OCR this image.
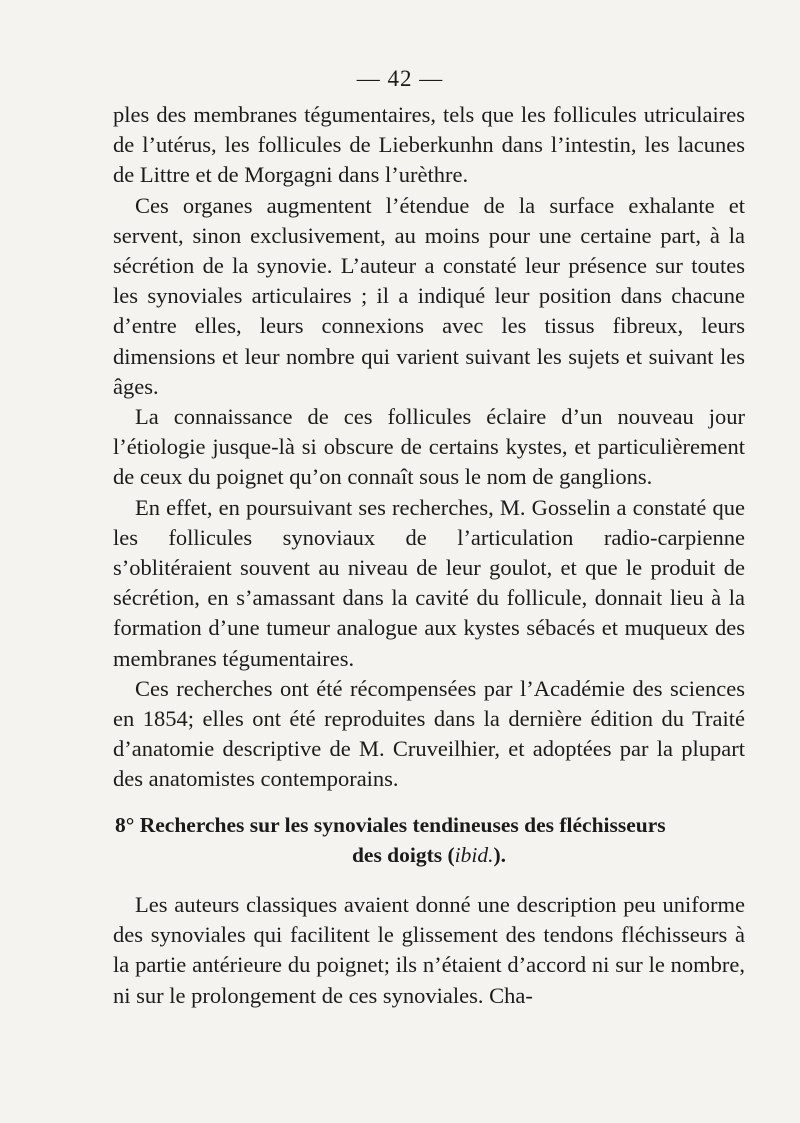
— 42 —

ples des membranes tégumentaires, tels que les follicules utriculaires de l’utérus, les follicules de Lieberkunhn dans l’intestin, les lacunes de Littre et de Morgagni dans l’urèthre.

Ces organes augmentent l’étendue de la surface exhalante et servent, sinon exclusivement, au moins pour une certaine part, à la sécrétion de la synovie. L’auteur a constaté leur présence sur toutes les synoviales articulaires ; il a indiqué leur position dans chacune d’entre elles, leurs connexions avec les tissus fibreux, leurs dimensions et leur nombre qui varient suivant les sujets et suivant les âges.

La connaissance de ces follicules éclaire d’un nouveau jour l’étiologie jusque-là si obscure de certains kystes, et particulièrement de ceux du poignet qu’on connaît sous le nom de ganglions.

En effet, en poursuivant ses recherches, M. Gosselin a constaté que les follicules synoviaux de l’articulation radio-carpienne s’oblitéraient souvent au niveau de leur goulot, et que le produit de sécrétion, en s’amassant dans la cavité du follicule, donnait lieu à la formation d’une tumeur analogue aux kystes sébacés et muqueux des membranes tégumentaires.

Ces recherches ont été récompensées par l’Académie des sciences en 1854; elles ont été reproduites dans la dernière édition du Traité d’anatomie descriptive de M. Cruveilhier, et adoptées par la plupart des anatomistes contemporains.

8° Recherches sur les synoviales tendineuses des fléchisseurs
des doigts (ibid.).

Les auteurs classiques avaient donné une description peu uniforme des synoviales qui facilitent le glissement des tendons fléchisseurs à la partie antérieure du poignet; ils n’étaient d’accord ni sur le nombre, ni sur le prolongement de ces synoviales. Cha-
